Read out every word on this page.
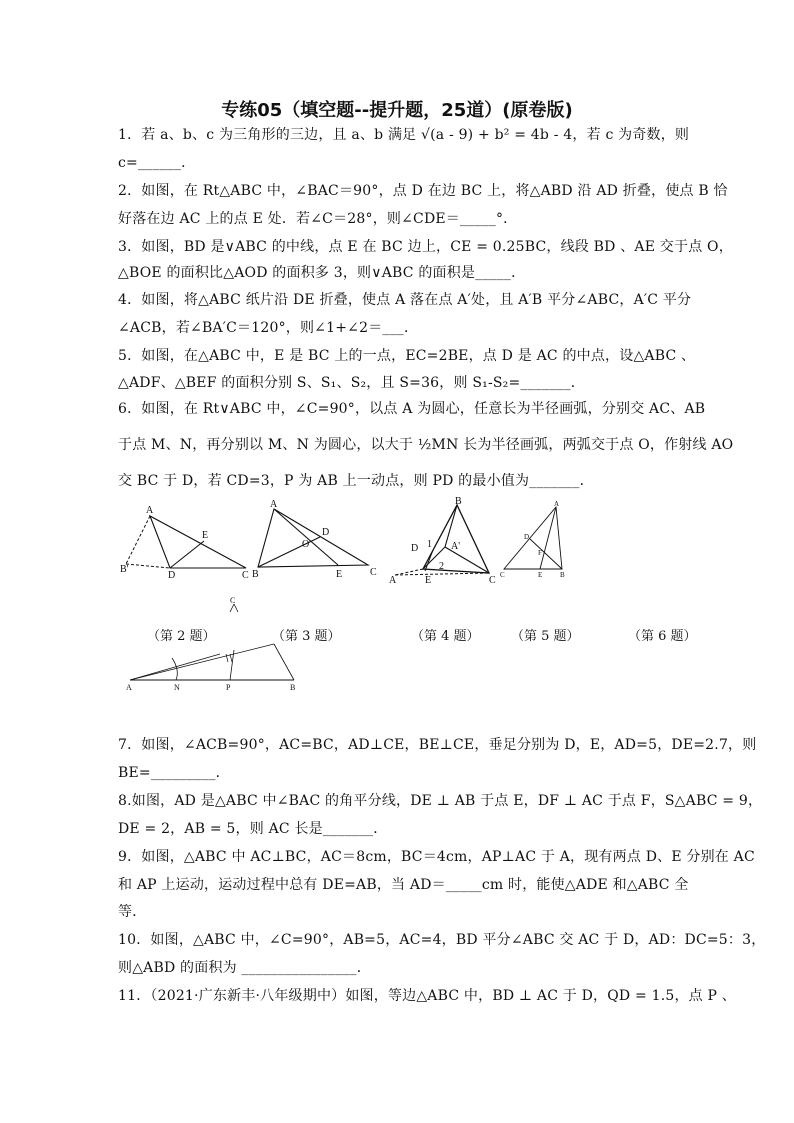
专练05（填空题--提升题，25道）(原卷版)
1．若 a、b、c 为三角形的三边，且 a、b 满足 √(a - 9) + b² = 4b - 4，若 c 为奇数，则
c=______．
2．如图，在 Rt△ABC 中，∠BAC＝90°，点 D 在边 BC 上，将△ABD 沿 AD 折叠，使点 B 恰
好落在边 AC 上的点 E 处．若∠C＝28°，则∠CDE＝_____°．
3．如图，BD 是∨ABC 的中线，点 E 在 BC 边上，CE = 0.25BC，线段 BD 、AE 交于点 O，
△BOE 的面积比△AOD 的面积多 3，则∨ABC 的面积是_____．
4．如图，将△ABC 纸片沿 DE 折叠，使点 A 落在点 A′处，且 A′B 平分∠ABC，A′C 平分
∠ACB，若∠BA′C＝120°，则∠1+∠2＝___．
5．如图，在△ABC 中，E 是 BC 上的一点，EC=2BE，点 D 是 AC 的中点，设△ABC 、
△ADF、△BEF 的面积分别 S、S₁、S₂，且 S=36，则 S₁-S₂=_______．
6．如图，在 Rt∨ABC 中，∠C=90°，以点 A 为圆心，任意长为半径画弧，分别交 AC、AB
于点 M、N，再分别以 M、N 为圆心，以大于 ½MN 长为半径画弧，两弧交于点 O，作射线 AO
交 BC 于 D，若 CD=3，P 为 AB 上一动点，则 PD 的最小值为_______．
A
E
B'
D	C
A
D
O
B	E	C
B
D 1 A'
2
A	E	C
A
D
F
C	E	B
C
A	N	P	B
（第 2 题）	（第 3 题）	（第 4 题） （第 5 题）	（第 6 题）
7．如图，∠ACB=90°，AC=BC，AD⊥CE，BE⊥CE，垂足分别为 D，E，AD=5，DE=2.7，则
BE=_________．
8.如图，AD 是△ABC 中∠BAC 的角平分线，DE ⊥ AB 于点 E，DF ⊥ AC 于点 F，S△ABC = 9，
DE = 2，AB = 5，则 AC 长是_______．
9．如图，△ABC 中 AC⊥BC，AC＝8cm，BC＝4cm，AP⊥AC 于 A，现有两点 D、E 分别在 AC
和 AP 上运动，运动过程中总有 DE=AB，当 AD＝_____cm 时，能使△ADE 和△ABC 全
等．
10．如图，△ABC 中，∠C=90°，AB=5，AC=4，BD 平分∠ABC 交 AC 于 D，AD：DC=5：3，
则△ABD 的面积为 ________________．
11．（2021·广东新丰·八年级期中）如图，等边△ABC 中，BD ⊥ AC 于 D，QD = 1.5，点 P 、
